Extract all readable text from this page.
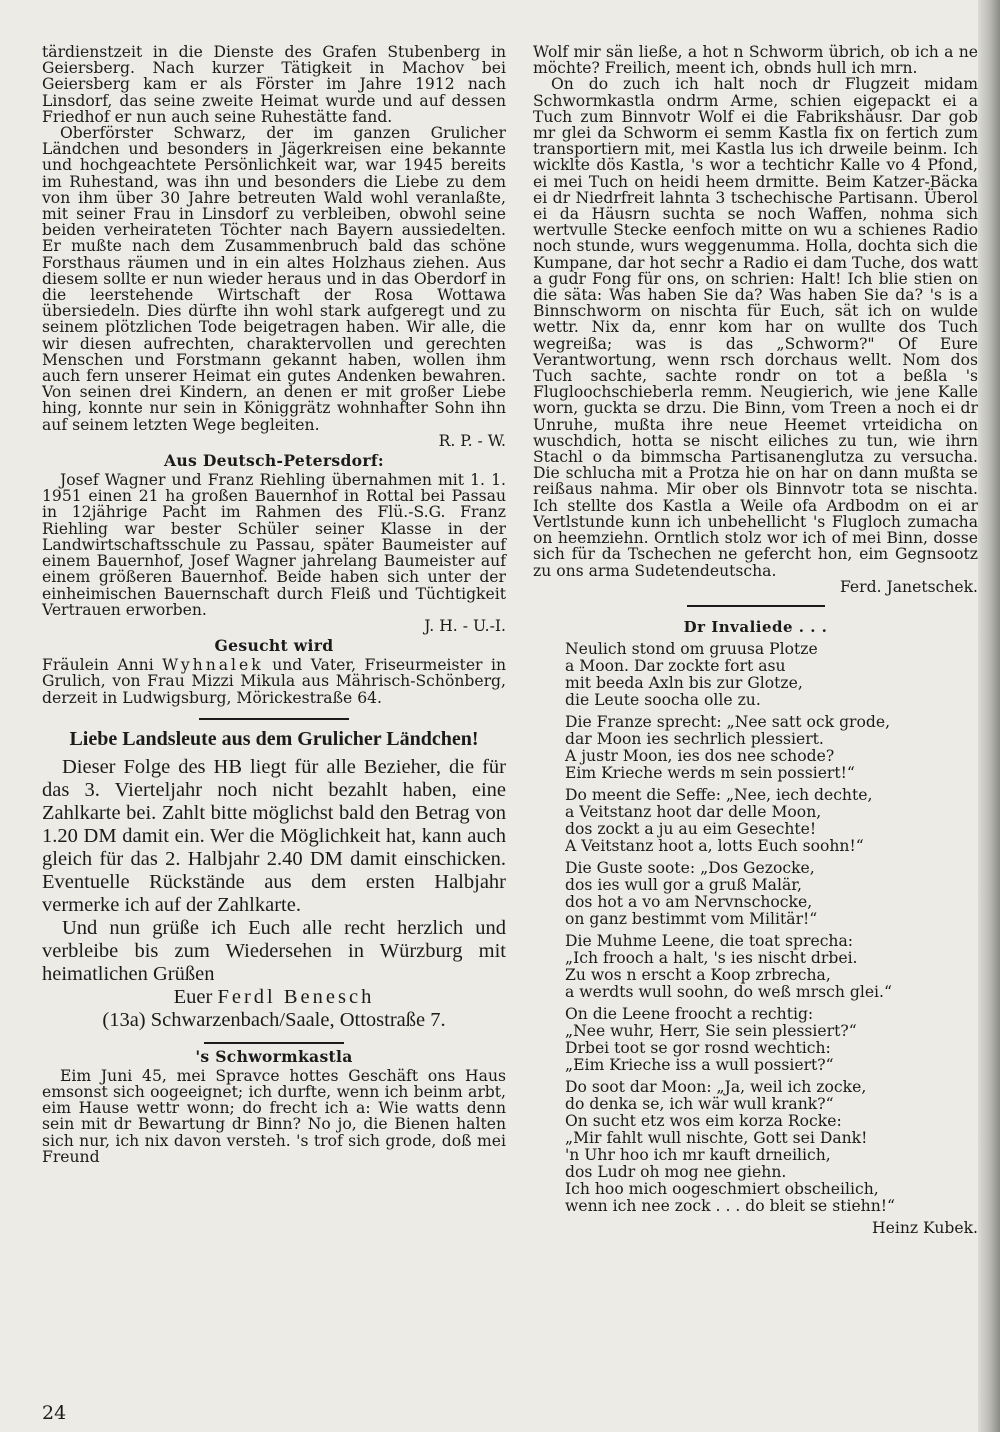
tärdienstzeit in die Dienste des Grafen Stubenberg in Geiersberg. Nach kurzer Tätigkeit in Machov bei Geiersberg kam er als Förster im Jahre 1912 nach Linsdorf, das seine zweite Heimat wurde und auf dessen Friedhof er nun auch seine Ruhestätte fand.

Oberförster Schwarz, der im ganzen Grulicher Ländchen und besonders in Jägerkreisen eine bekannte und hochgeachtete Persönlichkeit war, war 1945 bereits im Ruhestand, was ihn und besonders die Liebe zu dem von ihm über 30 Jahre betreuten Wald wohl veranlaßte, mit seiner Frau in Linsdorf zu verbleiben, obwohl seine beiden verheirateten Töchter nach Bayern aussiedelten. Er mußte nach dem Zusammenbruch bald das schöne Forsthaus räumen und in ein altes Holzhaus ziehen. Aus diesem sollte er nun wieder heraus und in das Oberdorf in die leerstehende Wirtschaft der Rosa Wottawa übersiedeln. Dies dürfte ihn wohl stark aufgeregt und zu seinem plötzlichen Tode beigetragen haben. Wir alle, die wir diesen aufrechten, charaktervollen und gerechten Menschen und Forstmann gekannt haben, wollen ihm auch fern unserer Heimat ein gutes Andenken bewahren. Von seinen drei Kindern, an denen er mit großer Liebe hing, konnte nur sein in Königgrätz wohnhafter Sohn ihn auf seinem letzten Wege begleiten.

R. P. - W.

Aus Deutsch-Petersdorf:

Josef Wagner und Franz Riehling übernahmen mit 1. 1. 1951 einen 21 ha großen Bauernhof in Rottal bei Passau in 12jährige Pacht im Rahmen des Flü.-S.G. Franz Riehling war bester Schüler seiner Klasse in der Landwirtschaftsschule zu Passau, später Baumeister auf einem Bauernhof, Josef Wagner jahrelang Baumeister auf einem größeren Bauernhof. Beide haben sich unter der einheimischen Bauernschaft durch Fleiß und Tüchtigkeit Vertrauen erworben.

J. H. - U.-I.

Gesucht wird

Fräulein Anni Wyhnalek und Vater, Friseurmeister in Grulich, von Frau Mizzi Mikula aus Mährisch-Schönberg, derzeit in Ludwigsburg, Mörickestraße 64.

Liebe Landsleute aus dem Grulicher Ländchen!

Dieser Folge des HB liegt für alle Bezieher, die für das 3. Vierteljahr noch nicht bezahlt haben, eine Zahlkarte bei. Zahlt bitte möglichst bald den Betrag von 1.20 DM damit ein. Wer die Möglichkeit hat, kann auch gleich für das 2. Halbjahr 2.40 DM damit einschicken. Eventuelle Rückstände aus dem ersten Halbjahr vermerke ich auf der Zahlkarte.

Und nun grüße ich Euch alle recht herzlich und verbleibe bis zum Wiedersehen in Würzburg mit heimatlichen Grüßen

Euer Ferdl Benesch

(13a) Schwarzenbach/Saale, Ottostraße 7.

's Schwormkastla

Eim Juni 45, mei Spravce hottes Geschäft ons Haus emsonst sich oogeeignet; ich durfte, wenn ich beinm arbt, eim Hause wettr wonn; do frecht ich a: Wie watts denn sein mit dr Bewartung dr Binn? No jo, die Bienen halten sich nur, ich nix davon versteh. 's trof sich grode, doß mei Freund

Wolf mir sän ließe, a hot n Schworm übrich, ob ich a ne möchte? Freilich, meent ich, obnds hull ich mrn.

On do zuch ich halt noch dr Flugzeit midam Schwormkastla ondrm Arme, schien eigepackt ei a Tuch zum Binnvotr Wolf ei die Fabrikshäusr. Dar gob mr glei da Schworm ei semm Kastla fix on fertich zum transportiern mit, mei Kastla lus ich drweile beinm. Ich wicklte dös Kastla, 's wor a techtichr Kalle vo 4 Pfond, ei mei Tuch on heidi heem drmitte. Beim Katzer-Bäcka ei dr Niedrfreit lahnta 3 tschechische Partisann. Überol ei da Häusrn suchta se noch Waffen, nohma sich wertvulle Stecke eenfoch mitte on wu a schienes Radio noch stunde, wurs weggenumma. Holla, dochta sich die Kumpane, dar hot sechr a Radio ei dam Tuche, dos watt a gudr Fong für ons, on schrien: Halt! Ich blie stien on die säta: Was haben Sie da? Was haben Sie da? 's is a Binnschworm on nischta für Euch, sät ich on wulde wettr. Nix da, ennr kom har on wullte dos Tuch wegreißa; was is das „Schworm?" Of Eure Verantwortung, wenn rsch dorchaus wellt. Nom dos Tuch sachte, sachte rondr on tot a beßla 's Flugloochschieberla remm. Neugierich, wie jene Kalle worn, guckta se drzu. Die Binn, vom Treen a noch ei dr Unruhe, mußta ihre neue Heemet vrteidicha on wuschdich, hotta se nischt eiliches zu tun, wie ihrn Stachl o da bimmscha Partisanenglutza zu versucha. Die schlucha mit a Protza hie on har on dann mußta se reißaus nahma. Mir ober ols Binnvotr tota se nischta. Ich stellte dos Kastla a Weile ofa Ardbodm on ei ar Vertlstunde kunn ich unbehellicht 's Flugloch zumacha on heemziehn. Orntlich stolz wor ich of mei Binn, dosse sich für da Tschechen ne gefercht hon, eim Gegnsootz zu ons arma Sudetendeutscha.

Ferd. Janetschek.

Dr Invaliede . . .
Neulich stond om gruusa Plotze
a Moon. Dar zockte fort asu
mit beeda Axln bis zur Glotze,
die Leute soocha olle zu.
Die Franze sprecht: „Nee satt ock grode,
dar Moon ies sechrlich plessiert.
A justr Moon, ies dos nee schode?
Eim Krieche werds m sein possiert!“
Do meent die Seffe: „Nee, iech dechte,
a Veitstanz hoot dar delle Moon,
dos zockt a ju au eim Gesechte!
A Veitstanz hoot a, lotts Euch soohn!“
Die Guste soote: „Dos Gezocke,
dos ies wull gor a gruß Malär,
dos hot a vo am Nervnschocke,
on ganz bestimmt vom Militär!“
Die Muhme Leene, die toat sprecha:
„Ich frooch a halt, 's ies nischt drbei.
Zu wos n erscht a Koop zrbrecha,
a werdts wull soohn, do weß mrsch glei.“
On die Leene froocht a rechtig:
„Nee wuhr, Herr, Sie sein plessiert?“
Drbei toot se gor rosnd wechtich:
„Eim Krieche iss a wull possiert?“
Do soot dar Moon: „Ja, weil ich zocke,
do denka se, ich wär wull krank?“
On sucht etz wos eim korza Rocke:
„Mir fahlt wull nischte, Gott sei Dank!
'n Uhr hoo ich mr kauft drneilich,
dos Ludr oh mog nee giehn.
Ich hoo mich oogeschmiert obscheilich,
wenn ich nee zock . . . do bleit se stiehn!“
Heinz Kubek.
24
